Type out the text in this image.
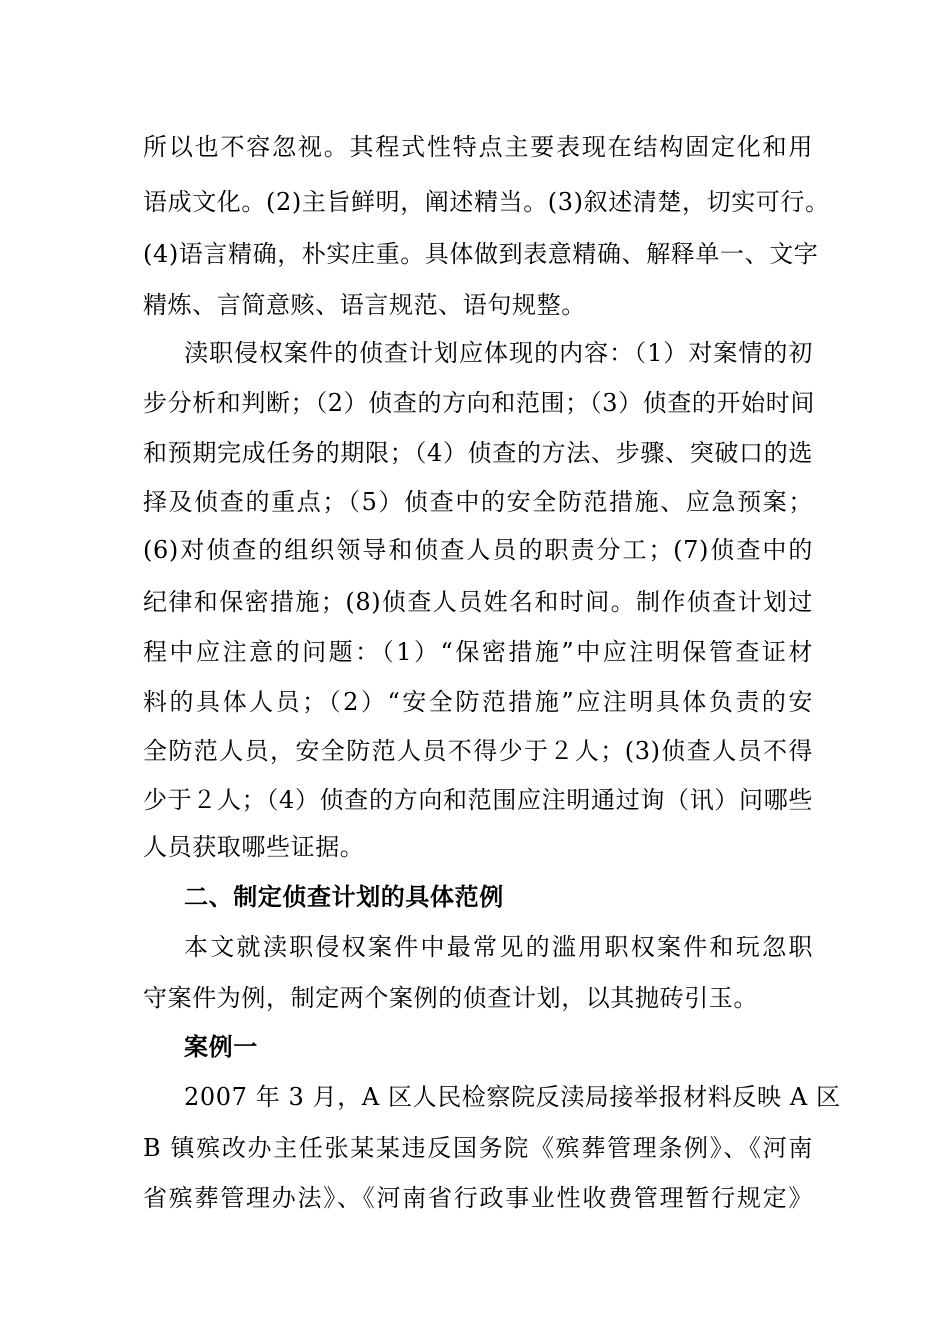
所以也不容忽视。其程式性特点主要表现在结构固定化和用
语成文化。(2)主旨鲜明，阐述精当。(3)叙述清楚，切实可行。
(4)语言精确，朴实庄重。具体做到表意精确、解释单一、文字
精炼、言简意赅、语言规范、语句规整。
渎职侵权案件的侦查计划应体现的内容：（1）对案情的初
步分析和判断；（2）侦查的方向和范围；（3）侦查的开始时间
和预期完成任务的期限；（4）侦查的方法、步骤、突破口的选
择及侦查的重点；（5）侦查中的安全防范措施、应急预案；
(6)对侦查的组织领导和侦查人员的职责分工；(7)侦查中的
纪律和保密措施；(8)侦查人员姓名和时间。制作侦查计划过
程中应注意的问题：（1）“保密措施”中应注明保管查证材
料的具体人员；（2）“安全防范措施”应注明具体负责的安
全防范人员，安全防范人员不得少于２人；(3)侦查人员不得
少于２人；（4）侦查的方向和范围应注明通过询（讯）问哪些
人员获取哪些证据。
二、制定侦查计划的具体范例
本文就渎职侵权案件中最常见的滥用职权案件和玩忽职
守案件为例，制定两个案例的侦查计划，以其抛砖引玉。
案例一
2007 年 3 月，A 区人民检察院反渎局接举报材料反映 A 区
B 镇殡改办主任张某某违反国务院《殡葬管理条例》、《河南
省殡葬管理办法》、《河南省行政事业性收费管理暂行规定》
